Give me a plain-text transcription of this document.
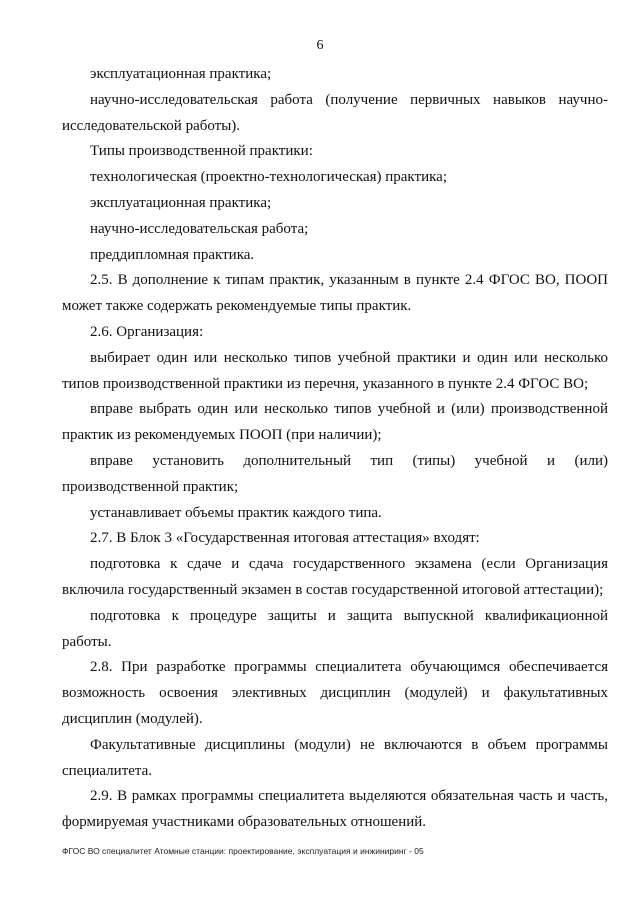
6

эксплуатационная практика;

научно-исследовательская работа (получение первичных навыков научно-исследовательской работы).

Типы производственной практики:

технологическая (проектно-технологическая) практика;

эксплуатационная практика;

научно-исследовательская работа;

преддипломная практика.

2.5. В дополнение к типам практик, указанным в пункте 2.4 ФГОС ВО, ПООП может также содержать рекомендуемые типы практик.

2.6. Организация:

выбирает один или несколько типов учебной практики и один или несколько типов производственной практики из перечня, указанного в пункте 2.4 ФГОС ВО;

вправе выбрать один или несколько типов учебной и (или) производственной практик из рекомендуемых ПООП (при наличии);

вправе установить дополнительный тип (типы) учебной и (или) производственной практик;

устанавливает объемы практик каждого типа.

2.7. В Блок 3 «Государственная итоговая аттестация» входят:

подготовка к сдаче и сдача государственного экзамена (если Организация включила государственный экзамен в состав государственной итоговой аттестации);

подготовка к процедуре защиты и защита выпускной квалификационной работы.

2.8. При разработке программы специалитета обучающимся обеспечивается возможность освоения элективных дисциплин (модулей) и факультативных дисциплин (модулей).

Факультативные дисциплины (модули) не включаются в объем программы специалитета.

2.9. В рамках программы специалитета выделяются обязательная часть и часть, формируемая участниками образовательных отношений.

ФГОС ВО специалитет Атомные станции: проектирование, эксплуатация и инжиниринг - 05
